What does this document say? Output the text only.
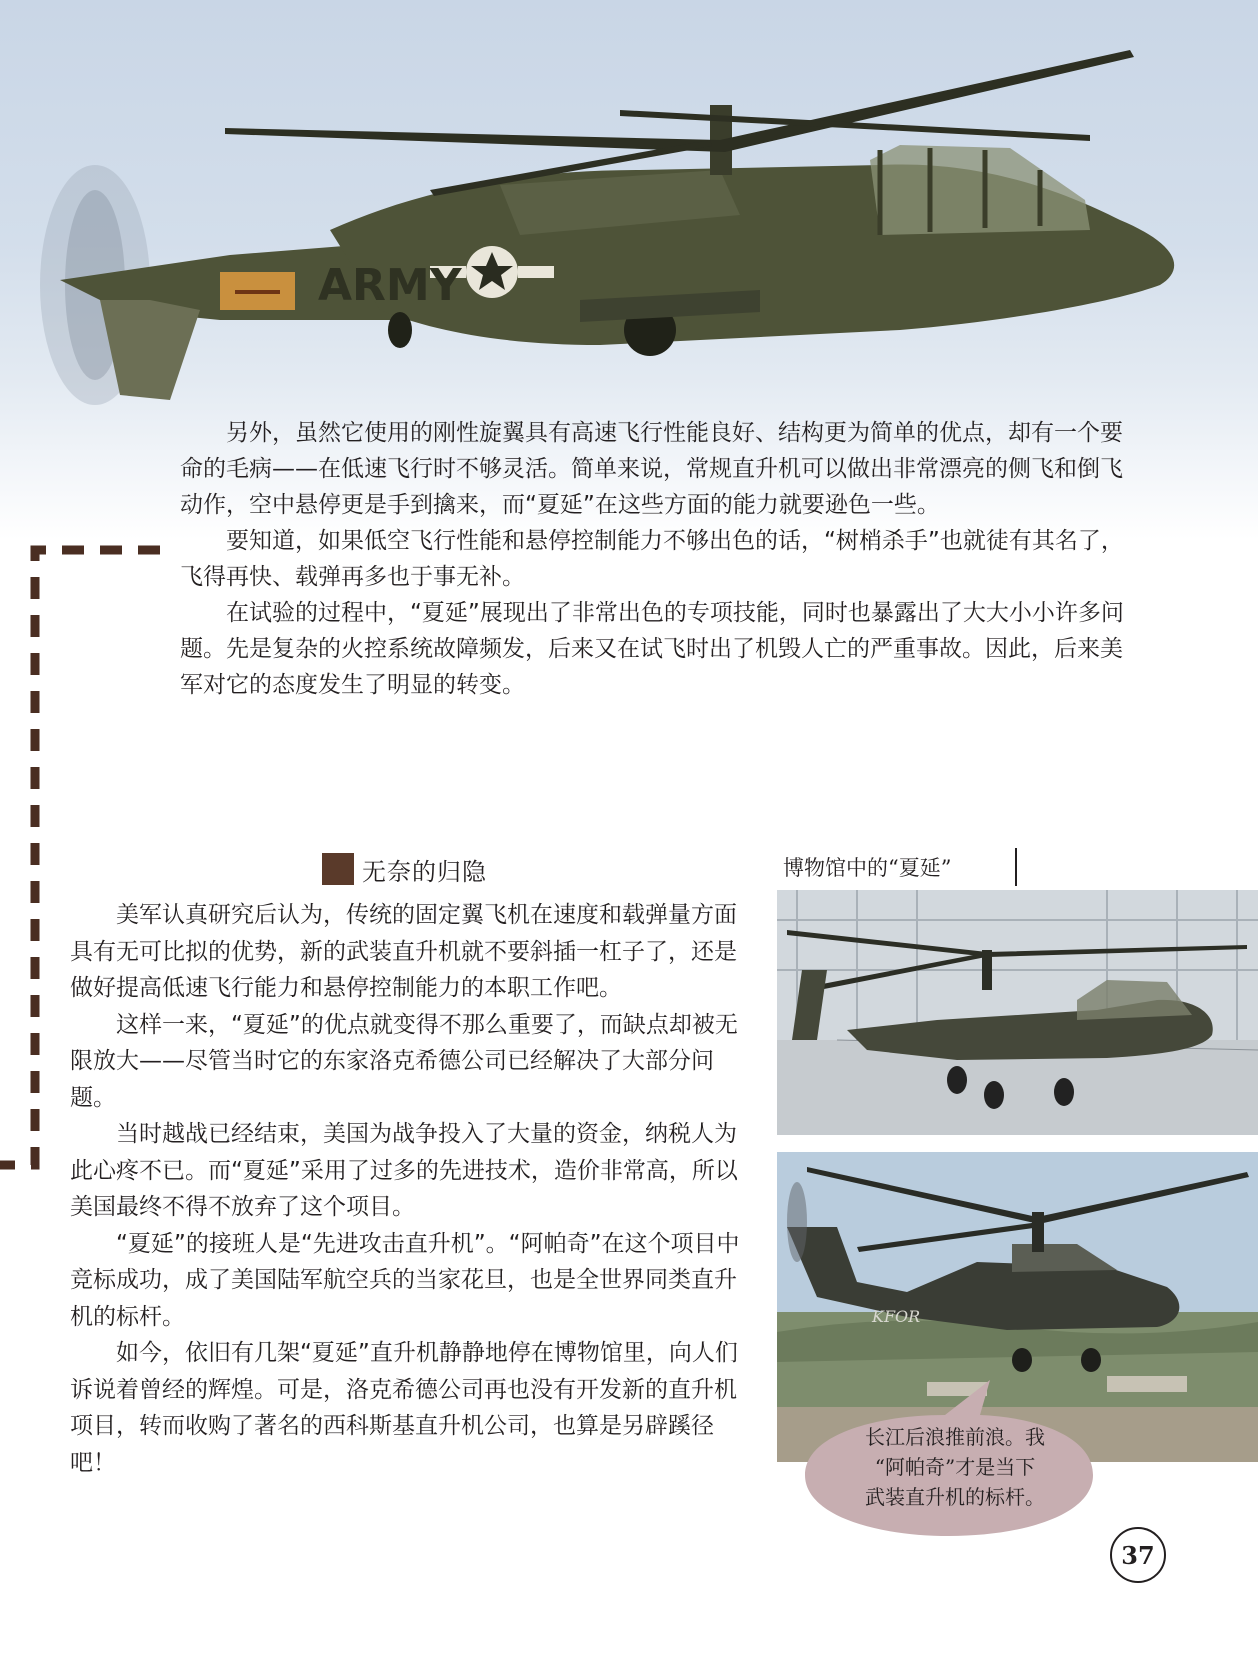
ARMY

另外，虽然它使用的刚性旋翼具有高速飞行性能良好、结构更为简单的优点，却有一个要命的毛病——在低速飞行时不够灵活。简单来说，常规直升机可以做出非常漂亮的侧飞和倒飞动作，空中悬停更是手到擒来，而“夏延”在这些方面的能力就要逊色一些。

要知道，如果低空飞行性能和悬停控制能力不够出色的话，“树梢杀手”也就徒有其名了，飞得再快、载弹再多也于事无补。

在试验的过程中，“夏延”展现出了非常出色的专项技能，同时也暴露出了大大小小许多问题。先是复杂的火控系统故障频发，后来又在试飞时出了机毁人亡的严重事故。因此，后来美军对它的态度发生了明显的转变。

无奈的归隐

美军认真研究后认为，传统的固定翼飞机在速度和载弹量方面具有无可比拟的优势，新的武装直升机就不要斜插一杠子了，还是做好提高低速飞行能力和悬停控制能力的本职工作吧。

这样一来，“夏延”的优点就变得不那么重要了，而缺点却被无限放大——尽管当时它的东家洛克希德公司已经解决了大部分问题。

当时越战已经结束，美国为战争投入了大量的资金，纳税人为此心疼不已。而“夏延”采用了过多的先进技术，造价非常高，所以美国最终不得不放弃了这个项目。

“夏延”的接班人是“先进攻击直升机”。“阿帕奇”在这个项目中竞标成功，成了美国陆军航空兵的当家花旦，也是全世界同类直升机的标杆。

如今，依旧有几架“夏延”直升机静静地停在博物馆里，向人们诉说着曾经的辉煌。可是，洛克希德公司再也没有开发新的直升机项目，转而收购了著名的西科斯基直升机公司，也算是另辟蹊径吧！

博物馆中的“夏延”
KFOR
长江后浪推前浪。我
“阿帕奇”才是当下
武装直升机的标杆。
37
